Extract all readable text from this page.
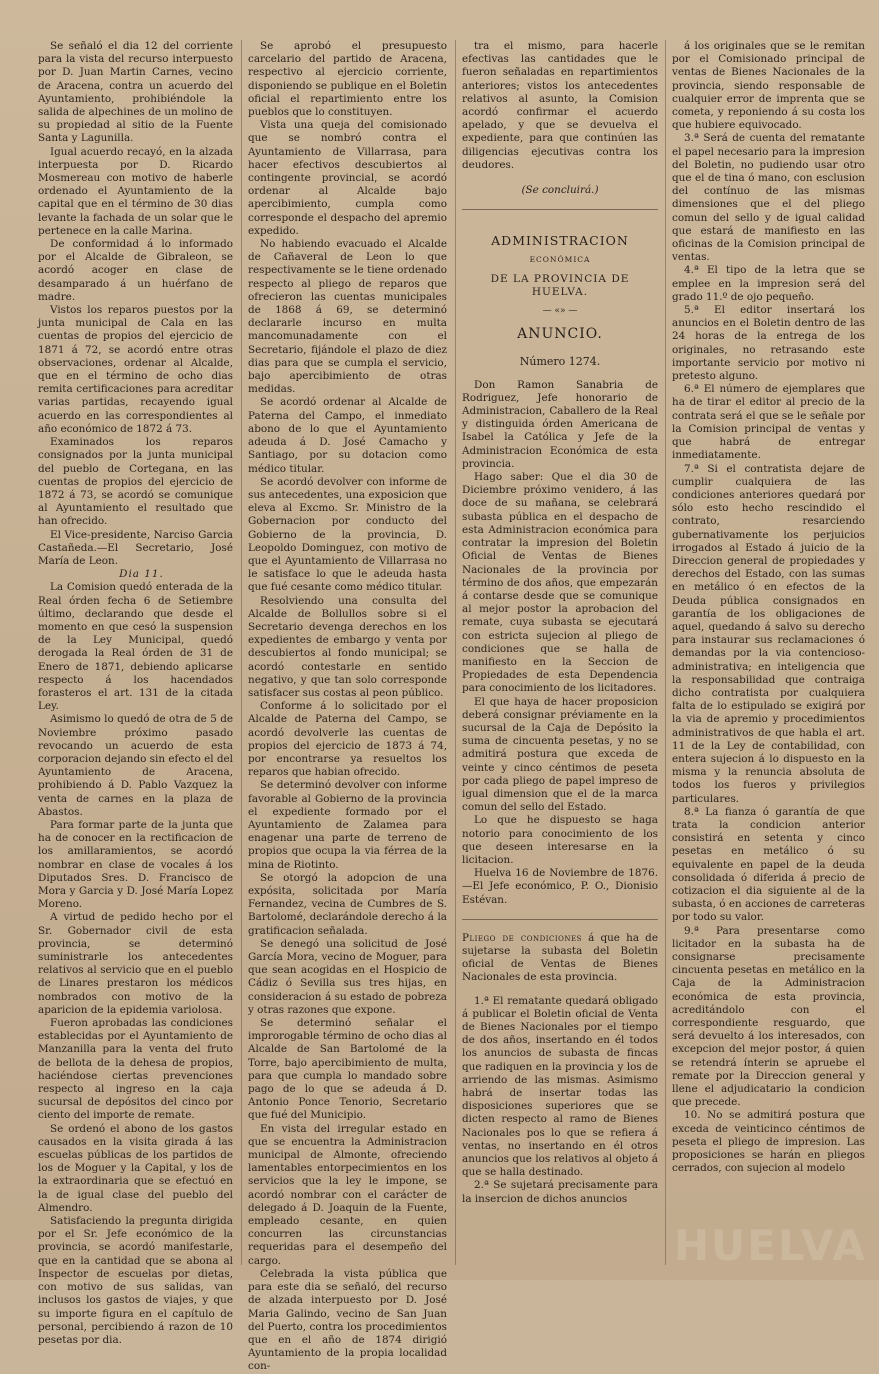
Se señaló el dia 12 del corriente para la vista del recurso interpuesto por D. Juan Martin Carnes, vecino de Aracena, contra un acuerdo del Ayuntamiento, prohibiéndole la salida de alpechines de un molino de su propiedad al sitio de la Fuente Santa y Lagunilla.

Igual acuerdo recayó, en la alzada interpuesta por D. Ricardo Mosmereau con motivo de haberle ordenado el Ayuntamiento de la capital que en el término de 30 dias levante la fachada de un solar que le pertenece en la calle Marina.

De conformidad á lo informado por el Alcalde de Gibraleon, se acordó acoger en clase de desamparado á un huérfano de madre.

Vistos los reparos puestos por la junta municipal de Cala en las cuentas de propios del ejercicio de 1871 á 72, se acordó entre otras observaciones, ordenar al Alcalde, que en el término de ocho dias remita certificaciones para acreditar varias partidas, recayendo igual acuerdo en las correspondientes al año económico de 1872 á 73.

Examinados los reparos consignados por la junta municipal del pueblo de Cortegana, en las cuentas de propios del ejercicio de 1872 á 73, se acordó se comunique al Ayuntamiento el resultado que han ofrecido.

El Vice-presidente, Narciso Garcia Castañeda.—El Secretario, José María de Leon.

Dia 11.

La Comision quedó enterada de la Real órden fecha 6 de Setiembre último, declarando que desde el momento en que cesó la suspension de la Ley Municipal, quedó derogada la Real órden de 31 de Enero de 1871, debiendo aplicarse respecto á los hacendados forasteros el art. 131 de la citada Ley.

Asimismo lo quedó de otra de 5 de Noviembre próximo pasado revocando un acuerdo de esta corporacion dejando sin efecto el del Ayuntamiento de Aracena, prohibiendo á D. Pablo Vazquez la venta de carnes en la plaza de Abastos.

Para formar parte de la junta que ha de conocer en la rectificacion de los amillaramientos, se acordó nombrar en clase de vocales á los Diputados Sres. D. Francisco de Mora y Garcia y D. José María Lopez Moreno.

A virtud de pedido hecho por el Sr. Gobernador civil de esta provincia, se determinó suministrarle los antecedentes relativos al servicio que en el pueblo de Linares prestaron los médicos nombrados con motivo de la aparicion de la epidemia variolosa.

Fueron aprobadas las condiciones establecidas por el Ayuntamiento de Manzanilla para la venta del fruto de bellota de la dehesa de propios, haciéndose ciertas prevenciones respecto al ingreso en la caja sucursal de depósitos del cinco por ciento del importe de remate.

Se ordenó el abono de los gastos causados en la visita girada á las escuelas públicas de los partidos de los de Moguer y la Capital, y los de la extraordinaria que se efectuó en la de igual clase del pueblo del Almendro.

Satisfaciendo la pregunta dirigida por el Sr. Jefe económico de la provincia, se acordó manifestarle, que en la cantidad que se abona al Inspector de escuelas por dietas, con motivo de sus salidas, van inclusos los gastos de viajes, y que su importe figura en el capítulo de personal, percibiendo á razon de 10 pesetas por dia.

Se aprobó el presupuesto carcelario del partido de Aracena, respectivo al ejercicio corriente, disponiendo se publique en el Boletin oficial el repartimiento entre los pueblos que lo constituyen.

Vista una queja del comisionado que se nombró contra el Ayuntamiento de Villarrasa, para hacer efectivos descubiertos al contingente provincial, se acordó ordenar al Alcalde bajo apercibimiento, cumpla como corresponde el despacho del apremio expedido.

No habiendo evacuado el Alcalde de Cañaveral de Leon lo que respectivamente se le tiene ordenado respecto al pliego de reparos que ofrecieron las cuentas municipales de 1868 á 69, se determinó declararle incurso en multa mancomunadamente con el Secretario, fijándole el plazo de diez dias para que se cumpla el servicio, bajo apercibimiento de otras medidas.

Se acordó ordenar al Alcalde de Paterna del Campo, el inmediato abono de lo que el Ayuntamiento adeuda á D. José Camacho y Santiago, por su dotacion como médico titular.

Se acordó devolver con informe de sus antecedentes, una exposicion que eleva al Excmo. Sr. Ministro de la Gobernacion por conducto del Gobierno de la provincia, D. Leopoldo Dominguez, con motivo de que el Ayuntamiento de Villarrasa no le satisface lo que le adeuda hasta que fué cesante como médico titular.

Resolviendo una consulta del Alcalde de Bollullos sobre si el Secretario devenga derechos en los expedientes de embargo y venta por descubiertos al fondo municipal; se acordó contestarle en sentido negativo, y que tan solo corresponde satisfacer sus costas al peon público.

Conforme á lo solicitado por el Alcalde de Paterna del Campo, se acordó devolverle las cuentas de propios del ejercicio de 1873 á 74, por encontrarse ya resueltos los reparos que habian ofrecido.

Se determinó devolver con informe favorable al Gobierno de la provincia el expediente formado por el Ayuntamiento de Zalamea para enagenar una parte de terreno de propios que ocupa la via férrea de la mina de Riotinto.

Se otorgó la adopcion de una expósita, solicitada por María Fernandez, vecina de Cumbres de S. Bartolomé, declarándole derecho á la gratificacion señalada.

Se denegó una solicitud de José García Mora, vecino de Moguer, para que sean acogidas en el Hospicio de Cádiz ó Sevilla sus tres hijas, en consideracion á su estado de pobreza y otras razones que expone.

Se determinó señalar el improrogable término de ocho dias al Alcalde de San Bartolomé de la Torre, bajo apercibimiento de multa, para que cumpla lo mandado sobre pago de lo que se adeuda á D. Antonio Ponce Tenorio, Secretario que fué del Municipio.

En vista del irregular estado en que se encuentra la Administracion municipal de Almonte, ofreciendo lamentables entorpecimientos en los servicios que la ley le impone, se acordó nombrar con el carácter de delegado á D. Joaquin de la Fuente, empleado cesante, en quien concurren las circunstancias requeridas para el desempeño del cargo.

Celebrada la vista pública que para este dia se señaló, del recurso de alzada interpuesto por D. José Maria Galindo, vecino de San Juan del Puerto, contra los procedimientos que en el año de 1874 dirigió Ayuntamiento de la propia localidad con-

tra el mismo, para hacerle efectivas las cantidades que le fueron señaladas en repartimientos anteriores; vistos los antecedentes relativos al asunto, la Comision acordó confirmar el acuerdo apelado, y que se devuelva el expediente, para que continúen las diligencias ejecutivas contra los deudores.

(Se concluirá.)

ADMINISTRACION
ECONÓMICA
DE LA PROVINCIA DE HUELVA.
— «» —
ANUNCIO.
Número 1274.

Don Ramon Sanabria de Rodriguez, Jefe honorario de Administracion, Caballero de la Real y distinguida órden Americana de Isabel la Católica y Jefe de la Administracion Económica de esta provincia.

Hago saber: Que el dia 30 de Diciembre próximo venidero, á las doce de su mañana, se celebrará subasta pública en el despacho de esta Administracion económica para contratar la impresion del Boletin Oficial de Ventas de Bienes Nacionales de la provincia por término de dos años, que empezarán á contarse desde que se comunique al mejor postor la aprobacion del remate, cuya subasta se ejecutará con estricta sujecion al pliego de condiciones que se halla de manifiesto en la Seccion de Propiedades de esta Dependencia para conocimiento de los licitadores.

El que haya de hacer proposicion deberá consignar préviamente en la sucursal de la Caja de Depósito la suma de cincuenta pesetas, y no se admitirá postura que exceda de veinte y cinco céntimos de peseta por cada pliego de papel impreso de igual dimension que el de la marca comun del sello del Estado.

Lo que he dispuesto se haga notorio para conocimiento de los que deseen interesarse en la licitacion.

Huelva 16 de Noviembre de 1876. —El Jefe económico, P. O., Dionisio Estévan.

Pliego de condiciones á que ha de sujetarse la subasta del Boletin oficial de Ventas de Bienes Nacionales de esta provincia.

1.ª El rematante quedará obligado á publicar el Boletin oficial de Venta de Bienes Nacionales por el tiempo de dos años, insertando en él todos los anuncios de subasta de fincas que radiquen en la provincia y los de arriendo de las mismas. Asimismo habrá de insertar todas las disposiciones superiores que se dicten respecto al ramo de Bienes Nacionales pos lo que se refiera á ventas, no insertando en él otros anuncios que los relativos al objeto á que se halla destinado.

2.ª Se sujetará precisamente para la insercion de dichos anuncios

á los originales que se le remitan por el Comisionado principal de ventas de Bienes Nacionales de la provincia, siendo responsable de cualquier error de imprenta que se cometa, y reponiendo á su costa los que hubiere equivocado.

3.ª Será de cuenta del rematante el papel necesario para la impresion del Boletin, no pudiendo usar otro que el de tina ó mano, con esclusion del contínuo de las mismas dimensiones que el del pliego comun del sello y de igual calidad que estará de manifiesto en las oficinas de la Comision principal de ventas.

4.ª El tipo de la letra que se emplee en la impresion será del grado 11.º de ojo pequeño.

5.ª El editor insertará los anuncios en el Boletin dentro de las 24 horas de la entrega de los originales, no retrasando este importante servicio por motivo ni pretesto alguno.

6.ª El número de ejemplares que ha de tirar el editor al precio de la contrata será el que se le señale por la Comision principal de ventas y que habrá de entregar inmediatamente.

7.ª Si el contratista dejare de cumplir cualquiera de las condiciones anteriores quedará por sólo esto hecho rescindido el contrato, resarciendo gubernativamente los perjuicios irrogados al Estado á juicio de la Direccion general de propiedades y derechos del Estado, con las sumas en metálico ó en efectos de la Deuda pública consignados en garantía de los obligaciones de aquel, quedando á salvo su derecho para instaurar sus reclamaciones ó demandas por la via contencioso-administrativa; en inteligencia que la responsabilidad que contraiga dicho contratista por cualquiera falta de lo estipulado se exigirá por la via de apremio y procedimientos administrativos de que habla el art. 11 de la Ley de contabilidad, con entera sujecion á lo dispuesto en la misma y la renuncia absoluta de todos los fueros y privilegios particulares.

8.ª La fianza ó garantía de que trata la condicion anterior consistirá en setenta y cinco pesetas en metálico ó su equivalente en papel de la deuda consolidada ó diferida á precio de cotizacion el dia siguiente al de la subasta, ó en acciones de carreteras por todo su valor.

9.ª Para presentarse como licitador en la subasta ha de consignarse precisamente cincuenta pesetas en metálico en la Caja de la Administracion económica de esta provincia, acreditándolo con el correspondiente resguardo, que será devuelto á los interesados, con excepcion del mejor postor, á quien se retendrá ínterin se apruebe el remate por la Direccion general y llene el adjudicatario la condicion que precede.

10. No se admitirá postura que exceda de veinticinco céntimos de peseta el pliego de impresion. Las proposiciones se harán en pliegos cerrados, con sujecion al modelo

HUELVA
